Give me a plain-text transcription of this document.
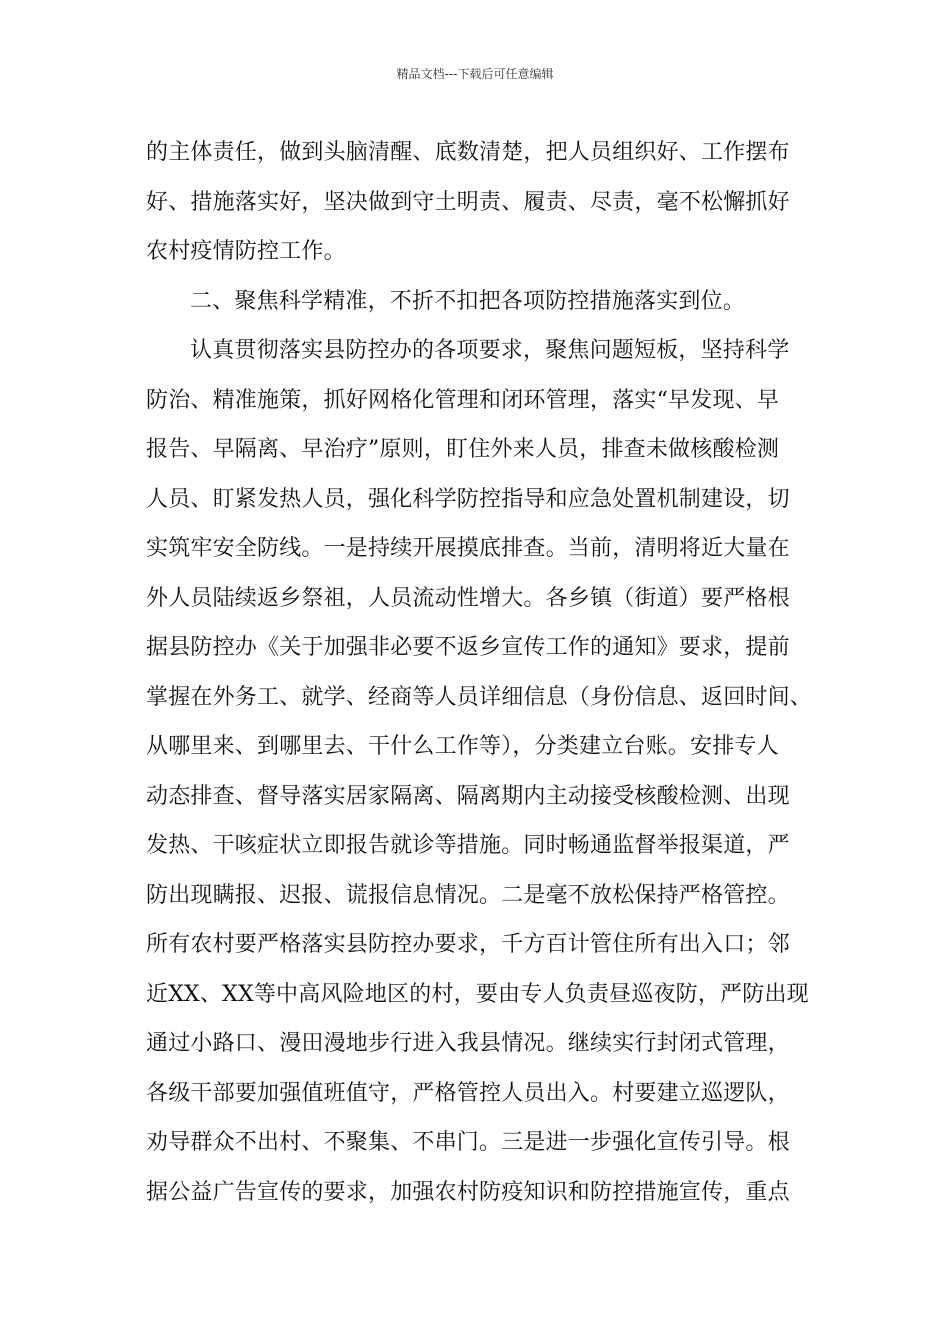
精品文档---下载后可任意编辑
的主体责任，做到头脑清醒、底数清楚，把人员组织好、工作摆布
好、措施落实好，坚决做到守土明责、履责、尽责，毫不松懈抓好
农村疫情防控工作。
二、聚焦科学精准，不折不扣把各项防控措施落实到位。
认真贯彻落实县防控办的各项要求，聚焦问题短板，坚持科学
防治、精准施策，抓好网格化管理和闭环管理，落实“早发现、早
报告、早隔离、早治疗”原则，盯住外来人员，排查未做核酸检测
人员、盯紧发热人员，强化科学防控指导和应急处置机制建设，切
实筑牢安全防线。一是持续开展摸底排查。当前，清明将近大量在
外人员陆续返乡祭祖，人员流动性增大。各乡镇（街道）要严格根
据县防控办《关于加强非必要不返乡宣传工作的通知》要求，提前
掌握在外务工、就学、经商等人员详细信息（身份信息、返回时间、
从哪里来、到哪里去、干什么工作等），分类建立台账。安排专人
动态排查、督导落实居家隔离、隔离期内主动接受核酸检测、出现
发热、干咳症状立即报告就诊等措施。同时畅通监督举报渠道，严
防出现瞒报、迟报、谎报信息情况。二是毫不放松保持严格管控。
所有农村要严格落实县防控办要求，千方百计管住所有出入口；邻
近XX、XX等中高风险地区的村，要由专人负责昼巡夜防，严防出现
通过小路口、漫田漫地步行进入我县情况。继续实行封闭式管理，
各级干部要加强值班值守，严格管控人员出入。村要建立巡逻队，
劝导群众不出村、不聚集、不串门。三是进一步强化宣传引导。根
据公益广告宣传的要求，加强农村防疫知识和防控措施宣传，重点
